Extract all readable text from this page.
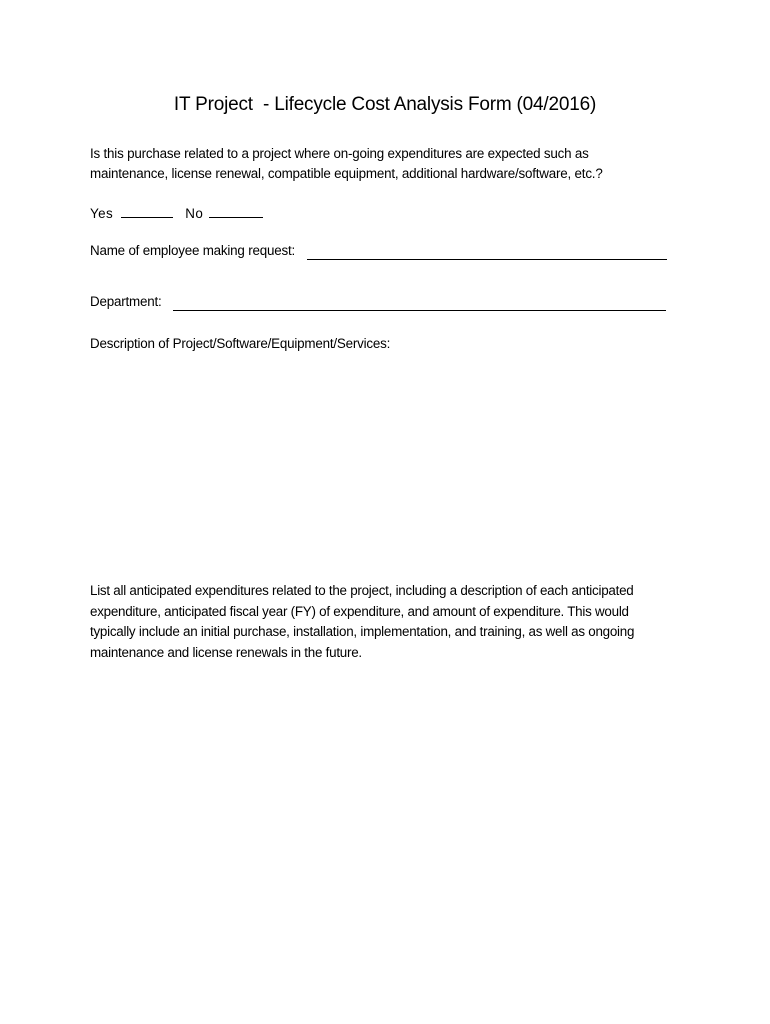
IT Project  - Lifecycle Cost Analysis Form (04/2016)
Is this purchase related to a project where on-going expenditures are expected such as
maintenance, license renewal, compatible equipment, additional hardware/software, etc.?
Yes	No
Name of employee making request:
Department:
Description of Project/Software/Equipment/Services:
List all anticipated expenditures related to the project, including a description of each anticipated
expenditure, anticipated fiscal year (FY) of expenditure, and amount of expenditure. This would
typically include an initial purchase, installation, implementation, and training, as well as ongoing
maintenance and license renewals in the future.
